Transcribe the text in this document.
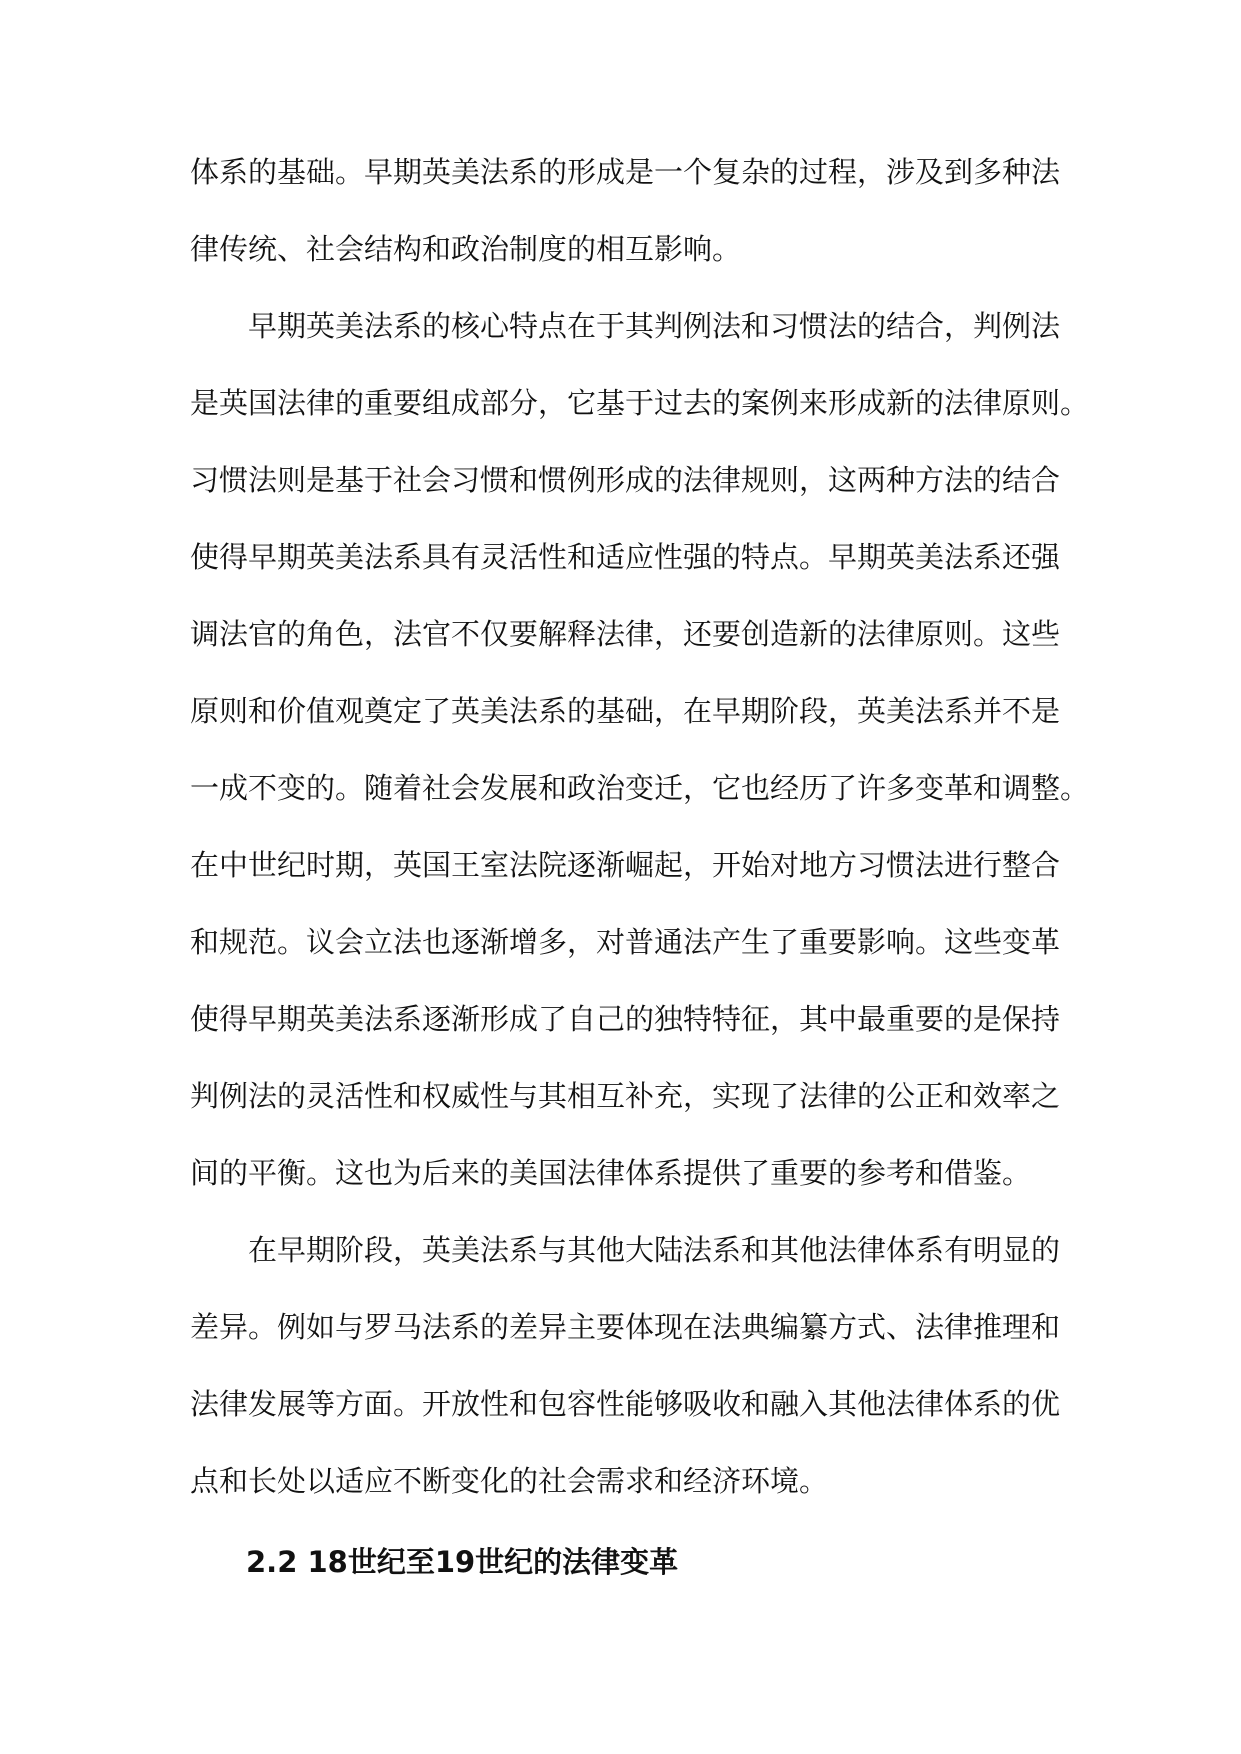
体系的基础。早期英美法系的形成是一个复杂的过程，涉及到多种法
律传统、社会结构和政治制度的相互影响。
早期英美法系的核心特点在于其判例法和习惯法的结合，判例法
是英国法律的重要组成部分，它基于过去的案例来形成新的法律原则。
习惯法则是基于社会习惯和惯例形成的法律规则，这两种方法的结合
使得早期英美法系具有灵活性和适应性强的特点。早期英美法系还强
调法官的角色，法官不仅要解释法律，还要创造新的法律原则。这些
原则和价值观奠定了英美法系的基础，在早期阶段，英美法系并不是
一成不变的。随着社会发展和政治变迁，它也经历了许多变革和调整。
在中世纪时期，英国王室法院逐渐崛起，开始对地方习惯法进行整合
和规范。议会立法也逐渐增多，对普通法产生了重要影响。这些变革
使得早期英美法系逐渐形成了自己的独特特征，其中最重要的是保持
判例法的灵活性和权威性与其相互补充，实现了法律的公正和效率之
间的平衡。这也为后来的美国法律体系提供了重要的参考和借鉴。
在早期阶段，英美法系与其他大陆法系和其他法律体系有明显的
差异。例如与罗马法系的差异主要体现在法典编纂方式、法律推理和
法律发展等方面。开放性和包容性能够吸收和融入其他法律体系的优
点和长处以适应不断变化的社会需求和经济环境。
2.2 18世纪至19世纪的法律变革
